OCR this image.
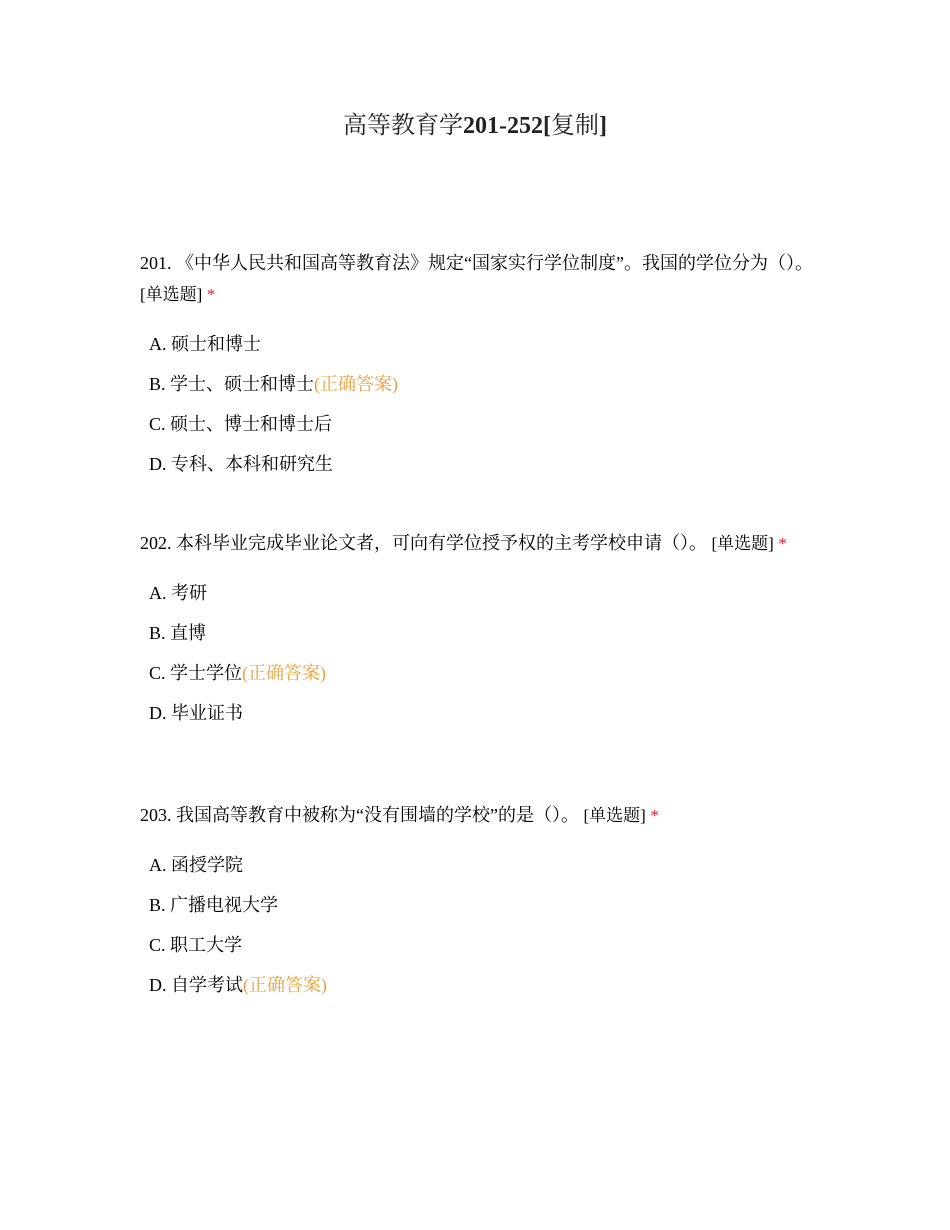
高等教育学201-252[复制]

201. 《中华人民共和国高等教育法》规定“国家实行学位制度”。我国的学位分为（）。 [单选题] *

A. 硕士和博士
B. 学士、硕士和博士(正确答案)
C. 硕士、博士和博士后
D. 专科、本科和研究生

202. 本科毕业完成毕业论文者，可向有学位授予权的主考学校申请（）。 [单选题] *

A. 考研
B. 直博
C. 学士学位(正确答案)
D. 毕业证书

203. 我国高等教育中被称为“没有围墙的学校”的是（）。 [单选题] *

A. 函授学院
B. 广播电视大学
C. 职工大学
D. 自学考试(正确答案)
